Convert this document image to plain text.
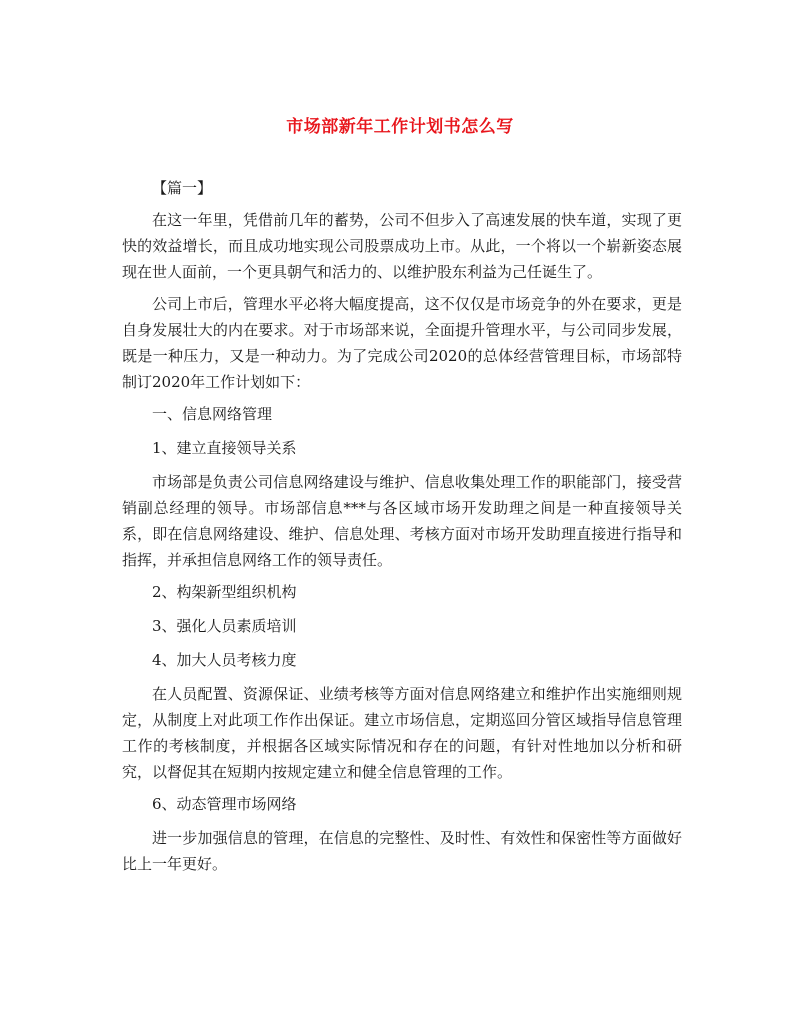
市场部新年工作计划书怎么写

【篇一】

在这一年里，凭借前几年的蓄势，公司不但步入了高速发展的快车道，实现了更快的效益增长，而且成功地实现公司股票成功上市。从此，一个将以一个崭新姿态展现在世人面前，一个更具朝气和活力的、以维护股东利益为己任诞生了。

公司上市后，管理水平必将大幅度提高，这不仅仅是市场竞争的外在要求，更是自身发展壮大的内在要求。对于市场部来说，全面提升管理水平，与公司同步发展，既是一种压力，又是一种动力。为了完成公司2020的总体经营管理目标，市场部特制订2020年工作计划如下：

一、信息网络管理

1、建立直接领导关系

市场部是负责公司信息网络建设与维护、信息收集处理工作的职能部门，接受营销副总经理的领导。市场部信息***与各区域市场开发助理之间是一种直接领导关系，即在信息网络建设、维护、信息处理、考核方面对市场开发助理直接进行指导和指挥，并承担信息网络工作的领导责任。

2、构架新型组织机构

3、强化人员素质培训

4、加大人员考核力度

在人员配置、资源保证、业绩考核等方面对信息网络建立和维护作出实施细则规定，从制度上对此项工作作出保证。建立市场信息，定期巡回分管区域指导信息管理工作的考核制度，并根据各区域实际情况和存在的问题，有针对性地加以分析和研究，以督促其在短期内按规定建立和健全信息管理的工作。

6、动态管理市场网络

进一步加强信息的管理，在信息的完整性、及时性、有效性和保密性等方面做好比上一年更好。
